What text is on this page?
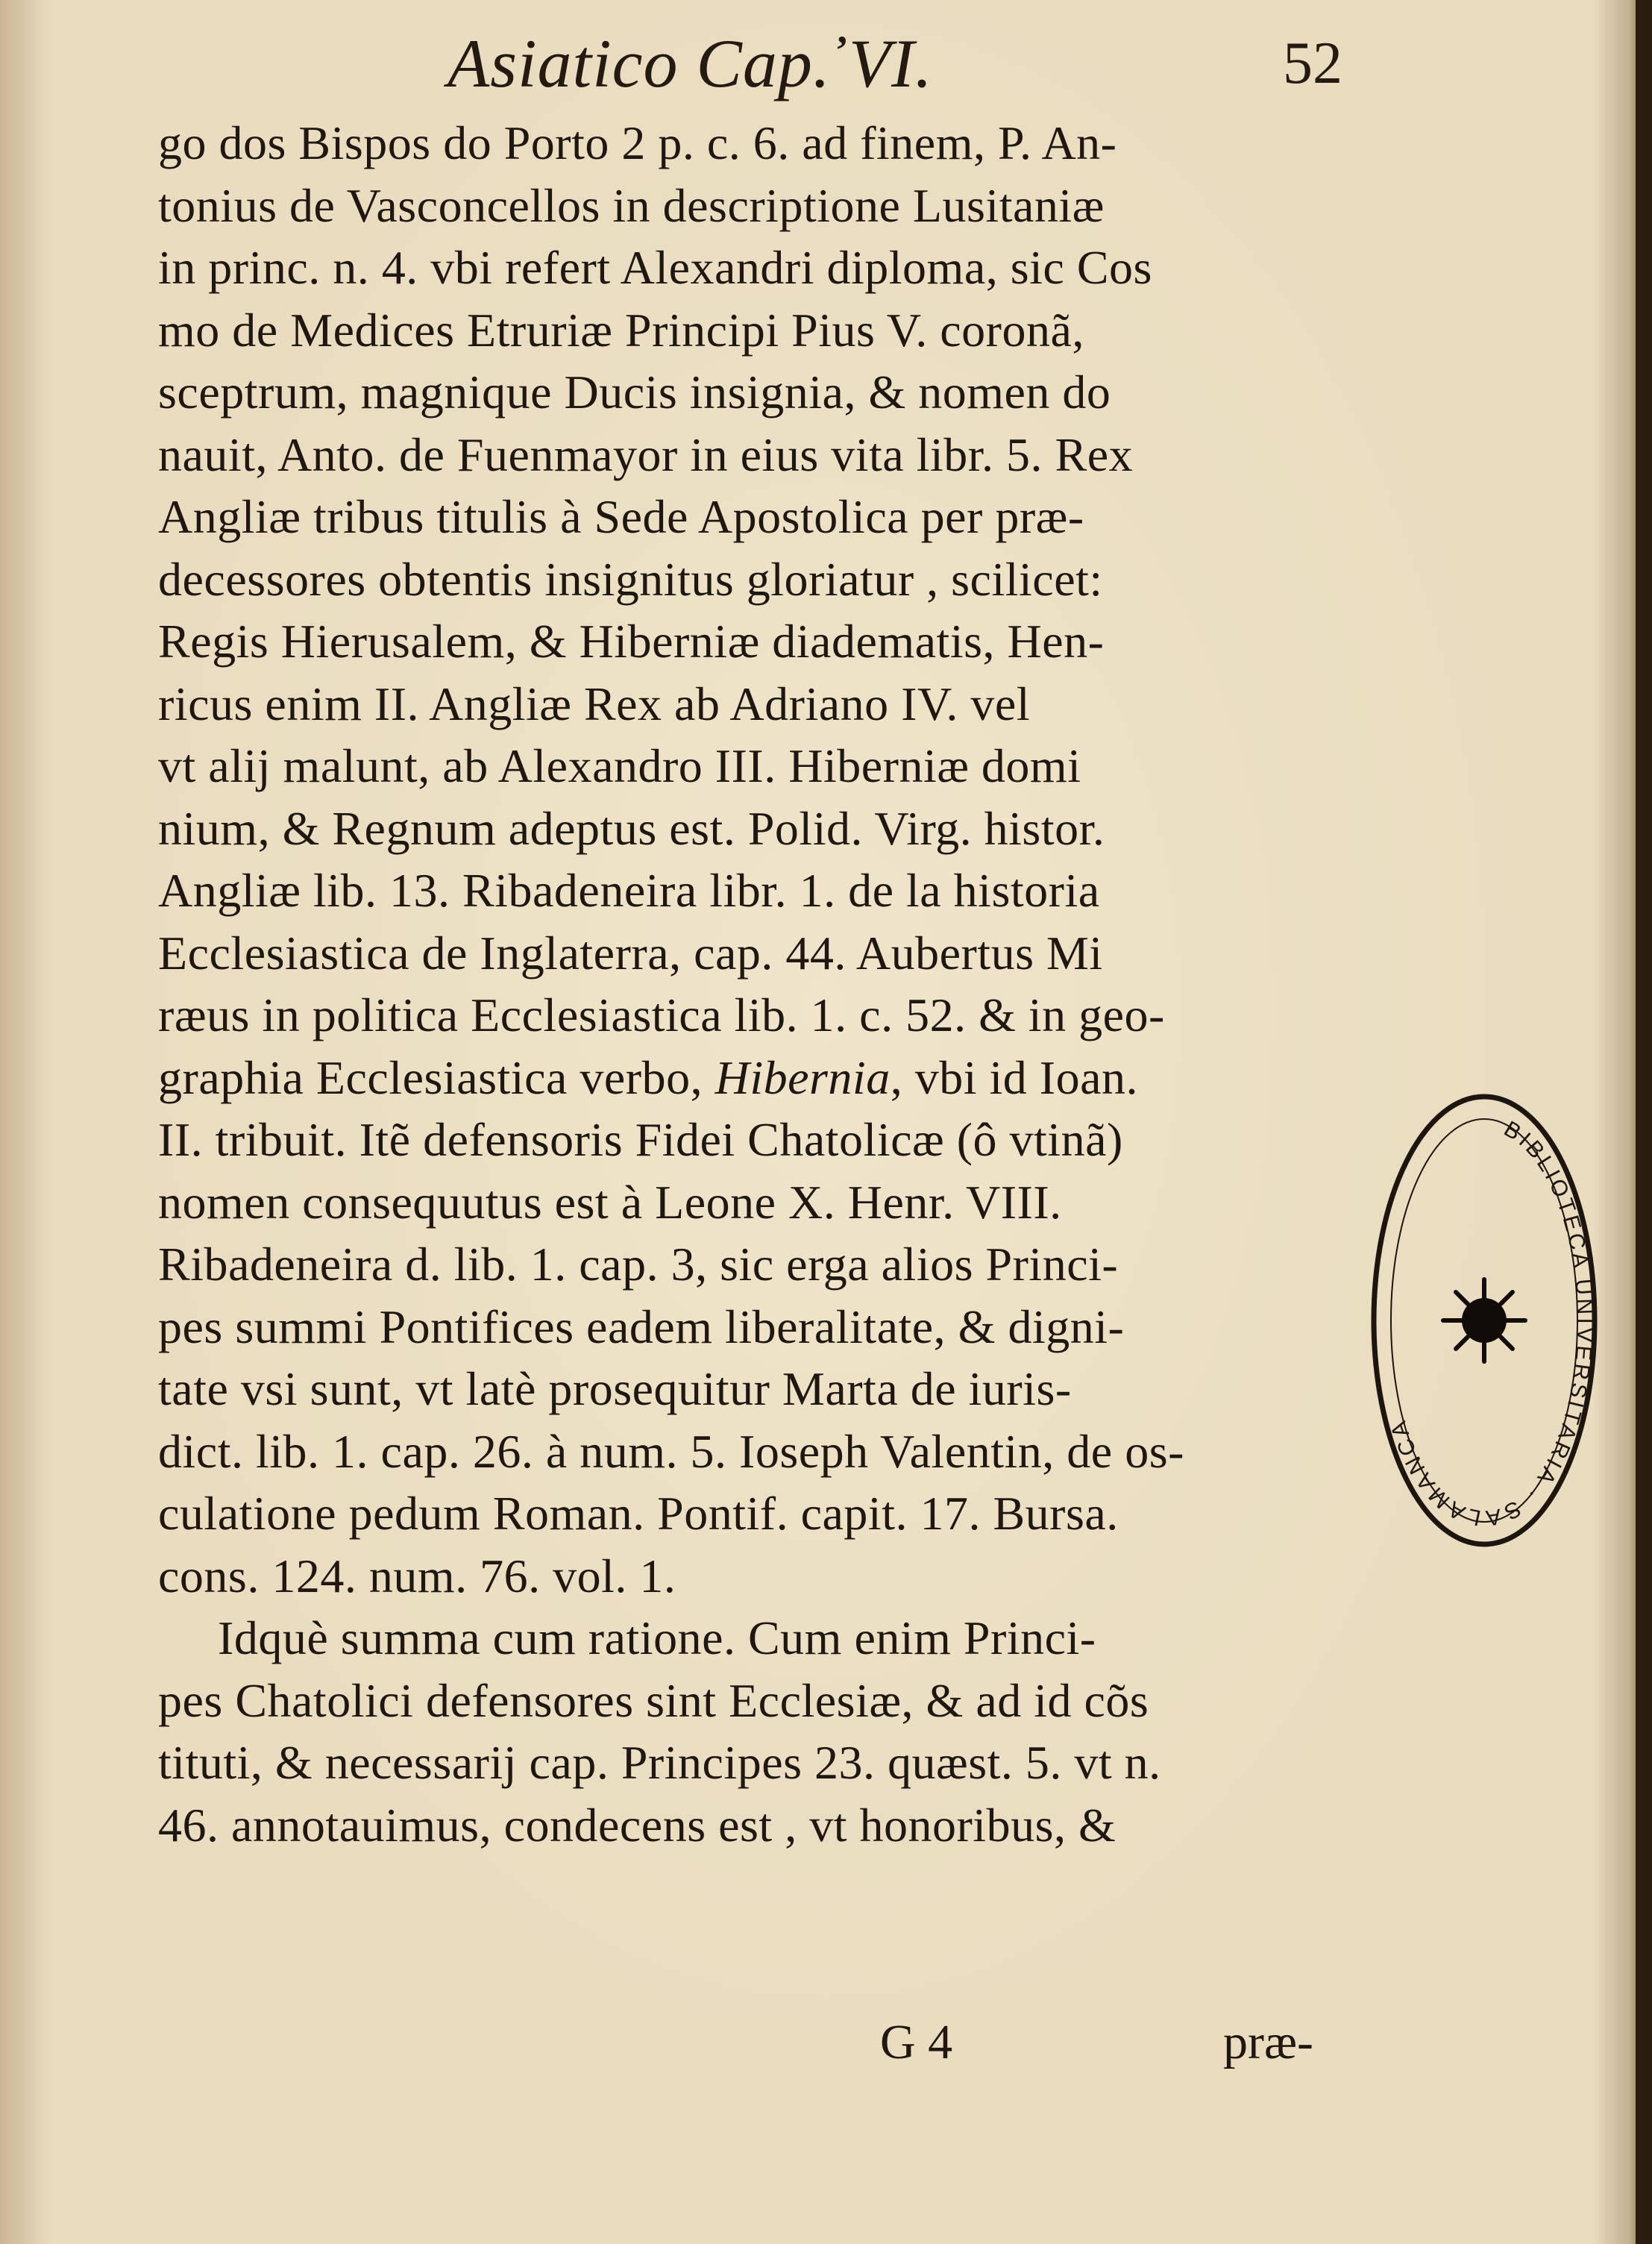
Asiatico Cap.̕ VI.	52
go dos Bispos do Porto 2 p. c. 6. ad finem, P. An-
tonius de Vasconcellos in descriptione Lusitaniæ
in princ. n. 4. vbi refert Alexandri diploma, sic Cos
mo de Medices Etruriæ Principi Pius V. coronã,
sceptrum, magnique Ducis insignia, & nomen do
nauit, Anto. de Fuenmayor in eius vita libr. 5. Rex
Angliæ tribus titulis à Sede Apostolica per præ-
decessores obtentis insignitus gloriatur , scilicet:
Regis Hierusalem, & Hiberniæ diadematis, Hen-
ricus enim II. Angliæ Rex ab Adriano IV. vel
vt alij malunt, ab Alexandro III. Hiberniæ domi
nium, & Regnum adeptus est. Polid. Virg. histor.
Angliæ lib. 13. Ribadeneira libr. 1. de la historia
Ecclesiastica de Inglaterra, cap. 44. Aubertus Mi
ræus in politica Ecclesiastica lib. 1. c. 52. & in geo-
graphia Ecclesiastica verbo, Hibernia, vbi id Ioan.
II. tribuit. Itẽ defensoris Fidei Chatolicæ (ô vtinã)
nomen consequutus est à Leone X. Henr. VIII.
Ribadeneira d. lib. 1. cap. 3, sic erga alios Princi-
pes summi Pontifices eadem liberalitate, & digni-
tate vsi sunt, vt latè prosequitur Marta de iuris-
dict. lib. 1. cap. 26. à num. 5. Ioseph Valentin, de os-
culatione pedum Roman. Pontif. capit. 17. Bursa.
cons. 124. num. 76. vol. 1.
Idquè summa cum ratione. Cum enim Princi-
pes Chatolici defensores sint Ecclesiæ, & ad id cõs
tituti, & necessarij cap. Principes 23. quæst. 5. vt n.
46. annotauimus, condecens est , vt honoribus, &
G 4	præ-
BIBLIOTECA UNIVERSITARIA · SALAMANCA
